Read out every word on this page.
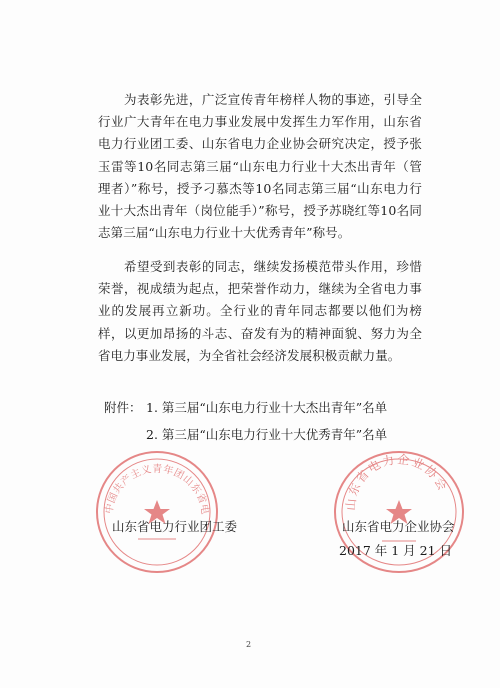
为表彰先进，广泛宣传青年榜样人物的事迹，引导全行业广大青年在电力事业发展中发挥生力军作用，山东省电力行业团工委、山东省电力企业协会研究决定，授予张玉雷等10名同志第三届“山东电力行业十大杰出青年（管理者）”称号，授予刁慕杰等10名同志第三届“山东电力行业十大杰出青年（岗位能手）”称号，授予苏晓红等10名同志第三届“山东电力行业十大优秀青年”称号。

希望受到表彰的同志，继续发扬模范带头作用，珍惜荣誉，视成绩为起点，把荣誉作动力，继续为全省电力事业的发展再立新功。全行业的青年同志都要以他们为榜样，以更加昂扬的斗志、奋发有为的精神面貌、努力为全省电力事业发展，为全省社会经济发展积极贡献力量。

附件： 1. 第三届“山东电力行业十大杰出青年”名单
2. 第三届“山东电力行业十大优秀青年”名单
中国共产主义青年团山东省电	山东省电力企业协会
山东省电力行业团工委	山东省电力企业协会
2017 年 1 月 21 日
2
